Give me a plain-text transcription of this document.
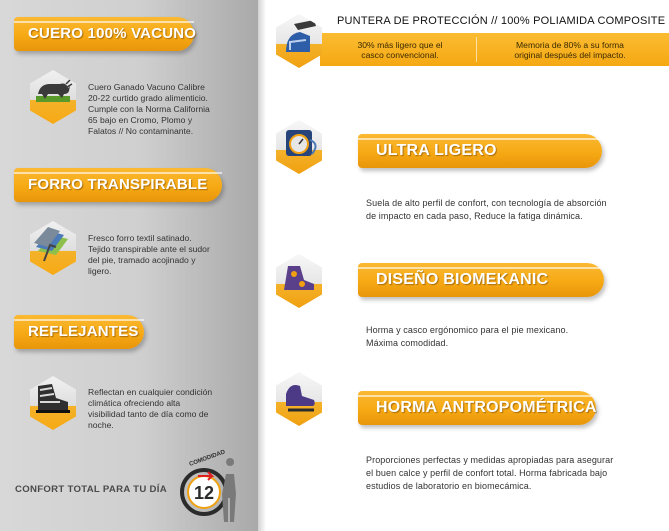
CUERO 100% VACUNO
Cuero Ganado Vacuno Calibre
20-22 curtido grado alimenticio.
Cumple con la Norma California
65 bajo en Cromo, Plomo y
Falatos // No contaminante.
FORRO TRANSPIRABLE
Fresco forro textil satinado.
Tejido transpirable ante el sudor
del pie, tramado acojinado y
ligero.
REFLEJANTES
Reflectan en cualquier condición
climática ofreciendo alta
visibilidad tanto de día como de
noche.
CONFORT TOTAL PARA TU DÍA 12
COMODIDAD
PUNTERA DE PROTECCIÓN // 100% POLIAMIDA COMPOSITE
30% más ligero que el
casco convencional.
Memoria de 80% a su forma
original después del impacto.
ULTRA LIGERO
Suela de alto perfil de confort, con tecnología de absorción
de impacto en cada paso, Reduce la fatiga dinámica.
DISEÑO BIOMEKANIC
Horma y casco ergónomico para el pie mexicano.
Máxima comodidad.
HORMA ANTROPOMÉTRICA
Proporciones perfectas y medidas apropiadas para asegurar
el buen calce y perfil de confort total. Horma fabricada bajo
estudios de laboratorio en biomecámica.
